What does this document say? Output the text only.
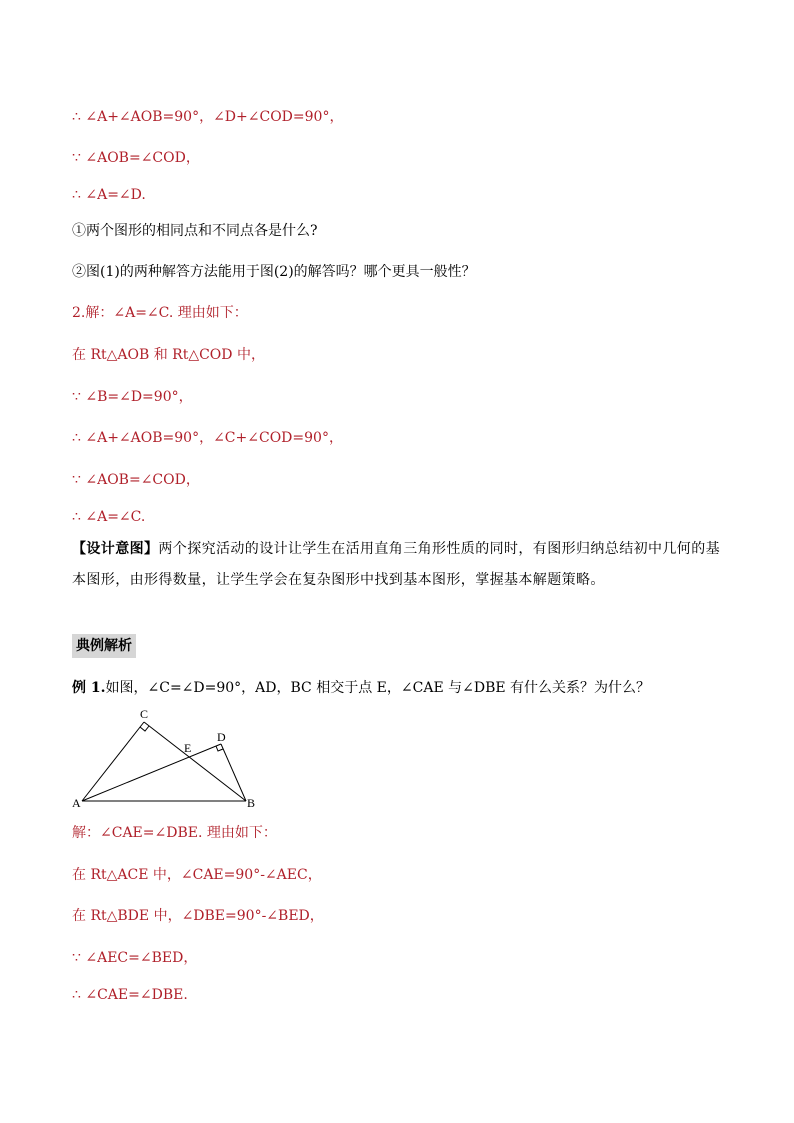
∴ ∠A+∠AOB=90°，∠D+∠COD=90°，
∵ ∠AOB=∠COD，
∴ ∠A=∠D.
①两个图形的相同点和不同点各是什么?
②图(1)的两种解答方法能用于图(2)的解答吗？哪个更具一般性？
2.解：∠A=∠C. 理由如下：
在 Rt△AOB 和 Rt△COD 中，
∵ ∠B=∠D=90°，
∴ ∠A+∠AOB=90°，∠C+∠COD=90°，
∵ ∠AOB=∠COD，
∴ ∠A=∠C.
【设计意图】两个探究活动的设计让学生在活用直角三角形性质的同时，有图形归纳总结初中几何的基本图形，由形得数量，让学生学会在复杂图形中找到基本图形，掌握基本解题策略。
典例解析
例 1.如图，∠C=∠D=90°，AD，BC 相交于点 E，∠CAE 与∠DBE 有什么关系？为什么？
C
D
E
A	B
解：∠CAE=∠DBE. 理由如下：
在 Rt△ACE 中，∠CAE=90°-∠AEC，
在 Rt△BDE 中，∠DBE=90°-∠BED，
∵ ∠AEC=∠BED，
∴ ∠CAE=∠DBE.
